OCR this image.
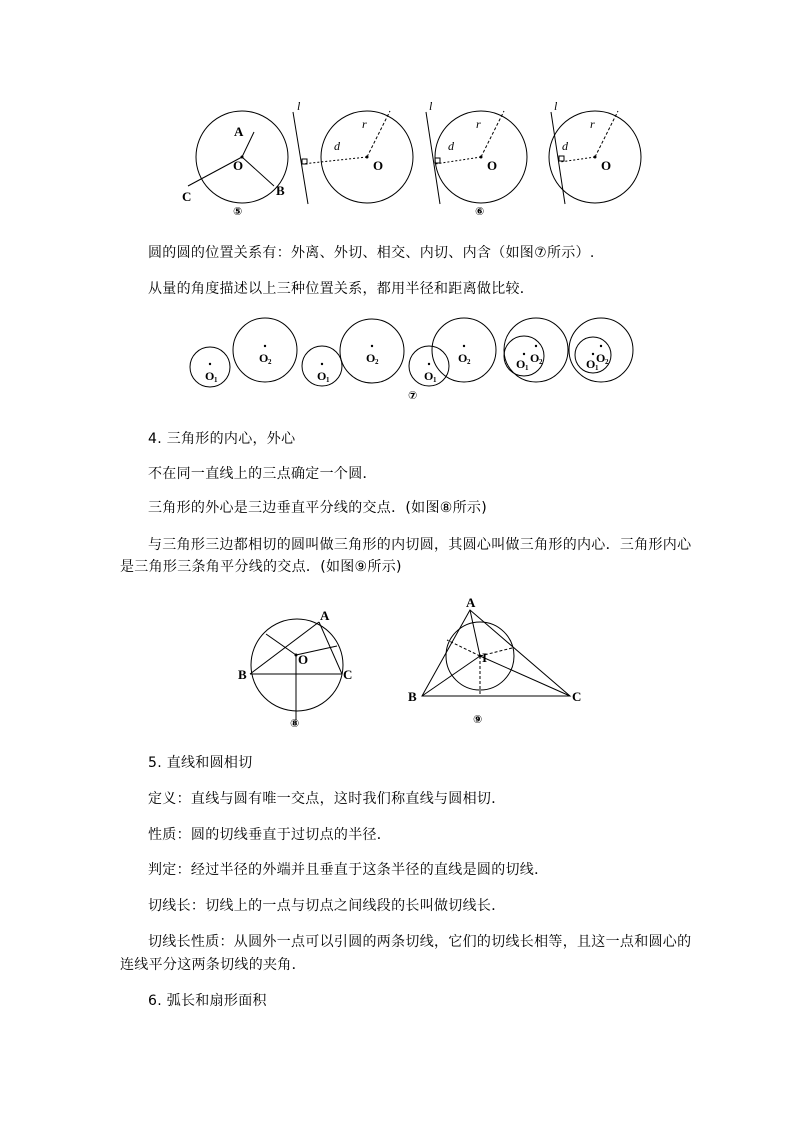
A
O
B
C
⑤
l
r
d
O
l
r
d
O
⑥
l
r
d
O
圆的圆的位置关系有：外离、外切、相交、内切、内含（如图⑦所示）.
从量的角度描述以上三种位置关系，都用半径和距离做比较．
O 1
O 2
O 1
O 2
O 1
O 2	O 1
O 2	O 1
O 2
⑦
4. 三角形的内心，外心
不在同一直线上的三点确定一个圆．
三角形的外心是三边垂直平分线的交点．(如图⑧所示)
与三角形三边都相切的圆叫做三角形的内切圆，其圆心叫做三角形的内心．三角形内心
是三角形三条角平分线的交点．(如图⑨所示)
A
O
B	C
⑧
A
I
B	C
⑨
5. 直线和圆相切
定义：直线与圆有唯一交点，这时我们称直线与圆相切．
性质：圆的切线垂直于过切点的半径．
判定：经过半径的外端并且垂直于这条半径的直线是圆的切线．
切线长：切线上的一点与切点之间线段的长叫做切线长．
切线长性质：从圆外一点可以引圆的两条切线，它们的切线长相等，且这一点和圆心的
连线平分这两条切线的夹角．
6. 弧长和扇形面积
